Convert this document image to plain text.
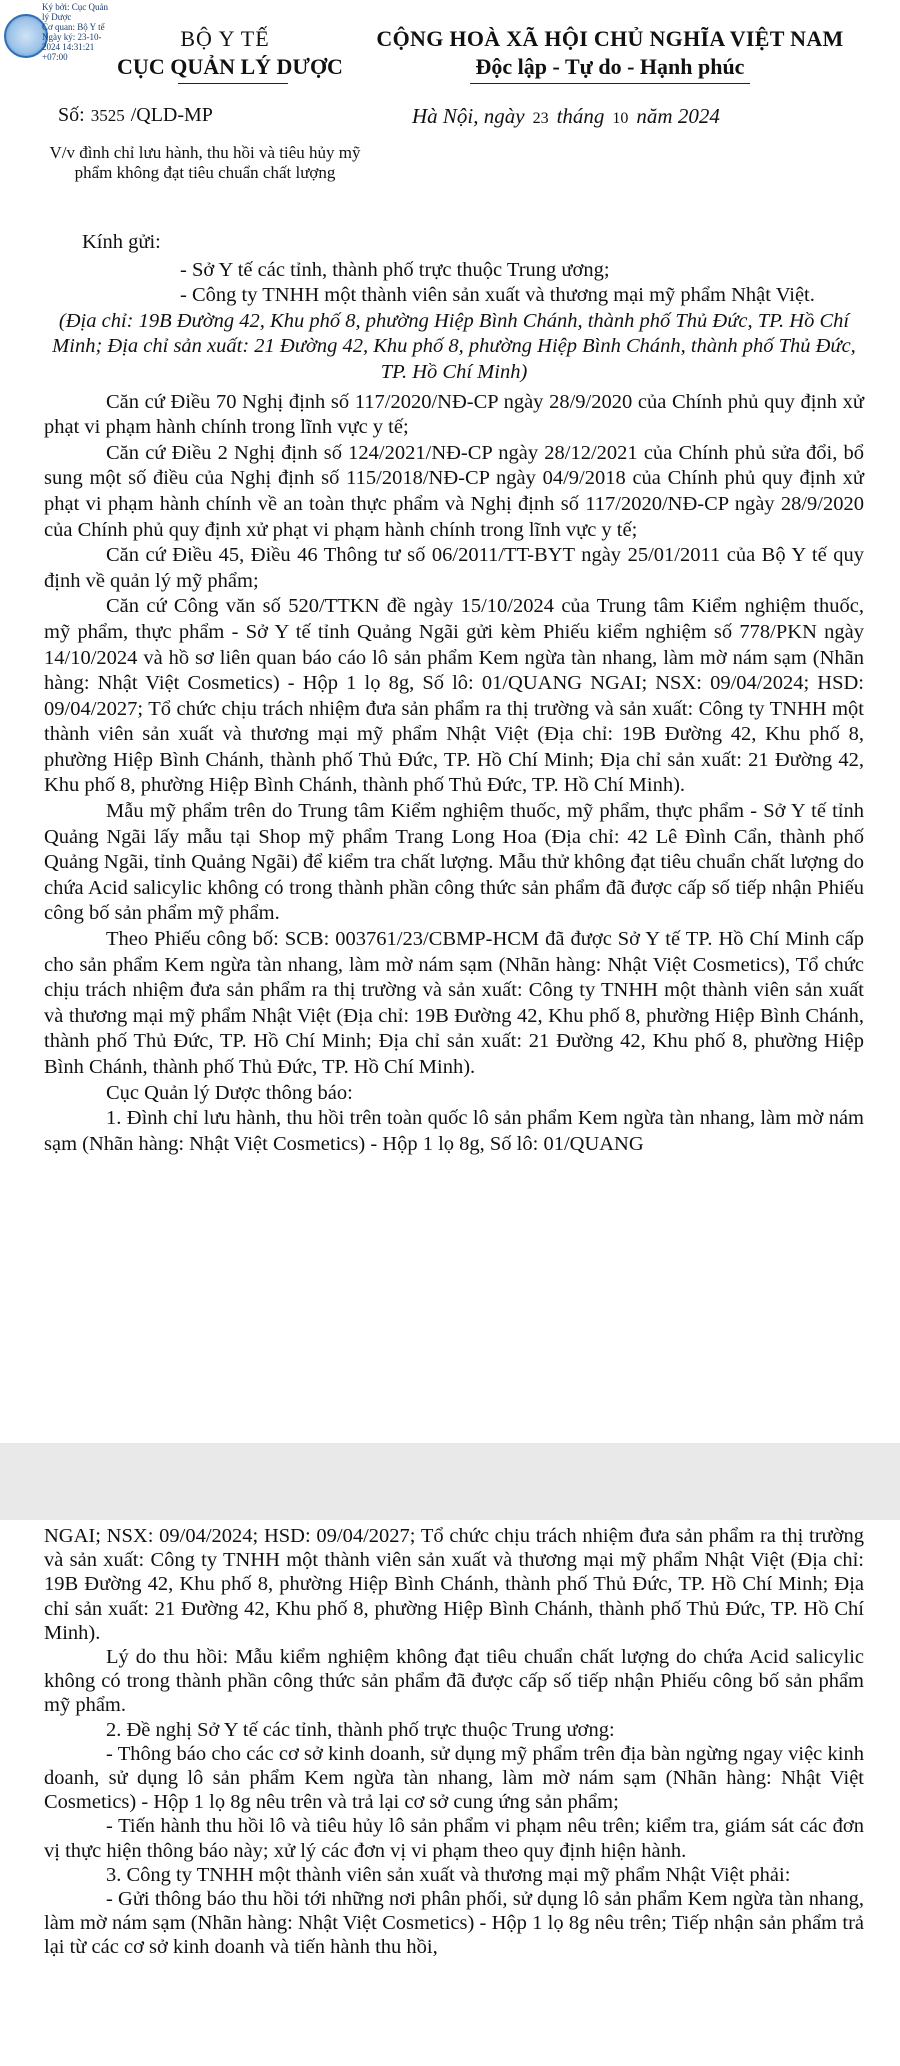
Ký bởi: Cục Quản
lý Dược
Cơ quan: Bộ Y tế
Ngày ký: 23-10-
2024 14:31:21
+07:00
BỘ Y TẾ
CỤC QUẢN LÝ DƯỢC
CỘNG HOÀ XÃ HỘI CHỦ NGHĨA VIỆT NAM
Độc lập - Tự do - Hạnh phúc
Số: 3525 /QLD-MP	Hà Nội, ngày 23 tháng 10 năm 2024
V/v đình chỉ lưu hành, thu hồi và tiêu hủy mỹ phẩm không đạt tiêu chuẩn chất lượng

Kính gửi:

- Sở Y tế các tỉnh, thành phố trực thuộc Trung ương;

- Công ty TNHH một thành viên sản xuất và thương mại mỹ phẩm Nhật Việt.

(Địa chỉ: 19B Đường 42, Khu phố 8, phường Hiệp Bình Chánh, thành phố Thủ Đức, TP. Hồ Chí Minh; Địa chỉ sản xuất: 21 Đường 42, Khu phố 8, phường Hiệp Bình Chánh, thành phố Thủ Đức, TP. Hồ Chí Minh)

Căn cứ Điều 70 Nghị định số 117/2020/NĐ-CP ngày 28/9/2020 của Chính phủ quy định xử phạt vi phạm hành chính trong lĩnh vực y tế;

Căn cứ Điều 2 Nghị định số 124/2021/NĐ-CP ngày 28/12/2021 của Chính phủ sửa đổi, bổ sung một số điều của Nghị định số 115/2018/NĐ-CP ngày 04/9/2018 của Chính phủ quy định xử phạt vi phạm hành chính về an toàn thực phẩm và Nghị định số 117/2020/NĐ-CP ngày 28/9/2020 của Chính phủ quy định xử phạt vi phạm hành chính trong lĩnh vực y tế;

Căn cứ Điều 45, Điều 46 Thông tư số 06/2011/TT-BYT ngày 25/01/2011 của Bộ Y tế quy định về quản lý mỹ phẩm;

Căn cứ Công văn số 520/TTKN đề ngày 15/10/2024 của Trung tâm Kiểm nghiệm thuốc, mỹ phẩm, thực phẩm - Sở Y tế tỉnh Quảng Ngãi gửi kèm Phiếu kiểm nghiệm số 778/PKN ngày 14/10/2024 và hồ sơ liên quan báo cáo lô sản phẩm Kem ngừa tàn nhang, làm mờ nám sạm (Nhãn hàng: Nhật Việt Cosmetics) - Hộp 1 lọ 8g, Số lô: 01/QUANG NGAI; NSX: 09/04/2024; HSD: 09/04/2027; Tổ chức chịu trách nhiệm đưa sản phẩm ra thị trường và sản xuất: Công ty TNHH một thành viên sản xuất và thương mại mỹ phẩm Nhật Việt (Địa chỉ: 19B Đường 42, Khu phố 8, phường Hiệp Bình Chánh, thành phố Thủ Đức, TP. Hồ Chí Minh; Địa chỉ sản xuất: 21 Đường 42, Khu phố 8, phường Hiệp Bình Chánh, thành phố Thủ Đức, TP. Hồ Chí Minh).

Mẫu mỹ phẩm trên do Trung tâm Kiểm nghiệm thuốc, mỹ phẩm, thực phẩm - Sở Y tế tỉnh Quảng Ngãi lấy mẫu tại Shop mỹ phẩm Trang Long Hoa (Địa chỉ: 42 Lê Đình Cẩn, thành phố Quảng Ngãi, tỉnh Quảng Ngãi) để kiểm tra chất lượng. Mẫu thử không đạt tiêu chuẩn chất lượng do chứa Acid salicylic không có trong thành phần công thức sản phẩm đã được cấp số tiếp nhận Phiếu công bố sản phẩm mỹ phẩm.

Theo Phiếu công bố: SCB: 003761/23/CBMP-HCM đã được Sở Y tế TP. Hồ Chí Minh cấp cho sản phẩm Kem ngừa tàn nhang, làm mờ nám sạm (Nhãn hàng: Nhật Việt Cosmetics), Tổ chức chịu trách nhiệm đưa sản phẩm ra thị trường và sản xuất: Công ty TNHH một thành viên sản xuất và thương mại mỹ phẩm Nhật Việt (Địa chỉ: 19B Đường 42, Khu phố 8, phường Hiệp Bình Chánh, thành phố Thủ Đức, TP. Hồ Chí Minh; Địa chỉ sản xuất: 21 Đường 42, Khu phố 8, phường Hiệp Bình Chánh, thành phố Thủ Đức, TP. Hồ Chí Minh).

Cục Quản lý Dược thông báo:

1. Đình chỉ lưu hành, thu hồi trên toàn quốc lô sản phẩm Kem ngừa tàn nhang, làm mờ nám sạm (Nhãn hàng: Nhật Việt Cosmetics) - Hộp 1 lọ 8g, Số lô: 01/QUANG

NGAI; NSX: 09/04/2024; HSD: 09/04/2027; Tổ chức chịu trách nhiệm đưa sản phẩm ra thị trường và sản xuất: Công ty TNHH một thành viên sản xuất và thương mại mỹ phẩm Nhật Việt (Địa chỉ: 19B Đường 42, Khu phố 8, phường Hiệp Bình Chánh, thành phố Thủ Đức, TP. Hồ Chí Minh; Địa chỉ sản xuất: 21 Đường 42, Khu phố 8, phường Hiệp Bình Chánh, thành phố Thủ Đức, TP. Hồ Chí Minh).

Lý do thu hồi: Mẫu kiểm nghiệm không đạt tiêu chuẩn chất lượng do chứa Acid salicylic không có trong thành phần công thức sản phẩm đã được cấp số tiếp nhận Phiếu công bố sản phẩm mỹ phẩm.

2. Đề nghị Sở Y tế các tỉnh, thành phố trực thuộc Trung ương:

- Thông báo cho các cơ sở kinh doanh, sử dụng mỹ phẩm trên địa bàn ngừng ngay việc kinh doanh, sử dụng lô sản phẩm Kem ngừa tàn nhang, làm mờ nám sạm (Nhãn hàng: Nhật Việt Cosmetics) - Hộp 1 lọ 8g nêu trên và trả lại cơ sở cung ứng sản phẩm;

- Tiến hành thu hồi lô và tiêu hủy lô sản phẩm vi phạm nêu trên; kiểm tra, giám sát các đơn vị thực hiện thông báo này; xử lý các đơn vị vi phạm theo quy định hiện hành.

3. Công ty TNHH một thành viên sản xuất và thương mại mỹ phẩm Nhật Việt phải:

- Gửi thông báo thu hồi tới những nơi phân phối, sử dụng lô sản phẩm Kem ngừa tàn nhang, làm mờ nám sạm (Nhãn hàng: Nhật Việt Cosmetics) - Hộp 1 lọ 8g nêu trên; Tiếp nhận sản phẩm trả lại từ các cơ sở kinh doanh và tiến hành thu hồi,
